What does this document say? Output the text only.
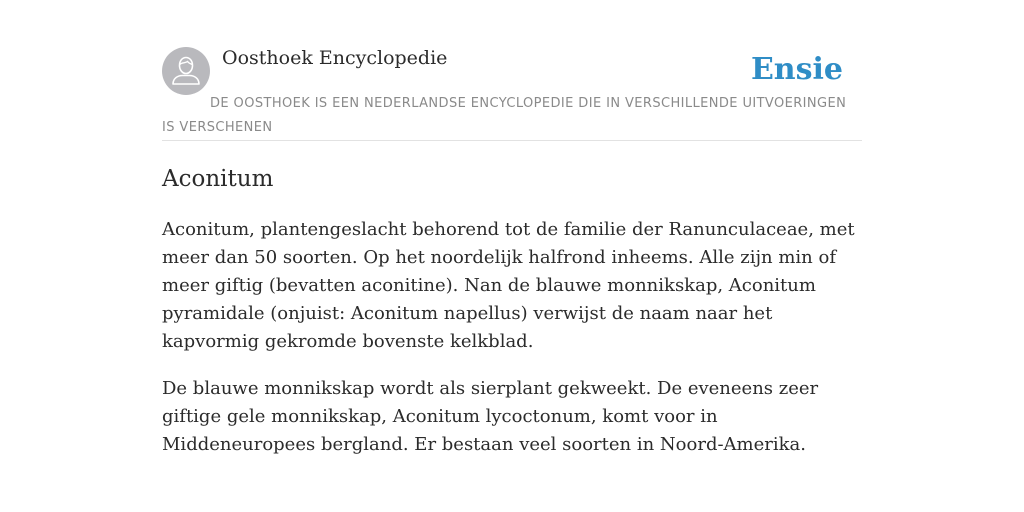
Oosthoek Encyclopedie	Ensie
DE OOSTHOEK IS EEN NEDERLANDSE ENCYCLOPEDIE DIE IN VERSCHILLENDE UITVOERINGEN IS VERSCHENEN
Aconitum

Aconitum, plantengeslacht behorend tot de familie der Ranunculaceae, met meer dan 50 soorten. Op het noordelijk halfrond inheems. Alle zijn min of meer giftig (bevatten aconitine). Nan de blauwe monnikskap, Aconitum pyramidale (onjuist: Aconitum napellus) verwijst de naam naar het kapvormig gekromde bovenste kelkblad.

De blauwe monnikskap wordt als sierplant gekweekt. De eveneens zeer giftige gele monnikskap, Aconitum lycoctonum, komt voor in Middeneuropees bergland. Er bestaan veel soorten in Noord-Amerika.
